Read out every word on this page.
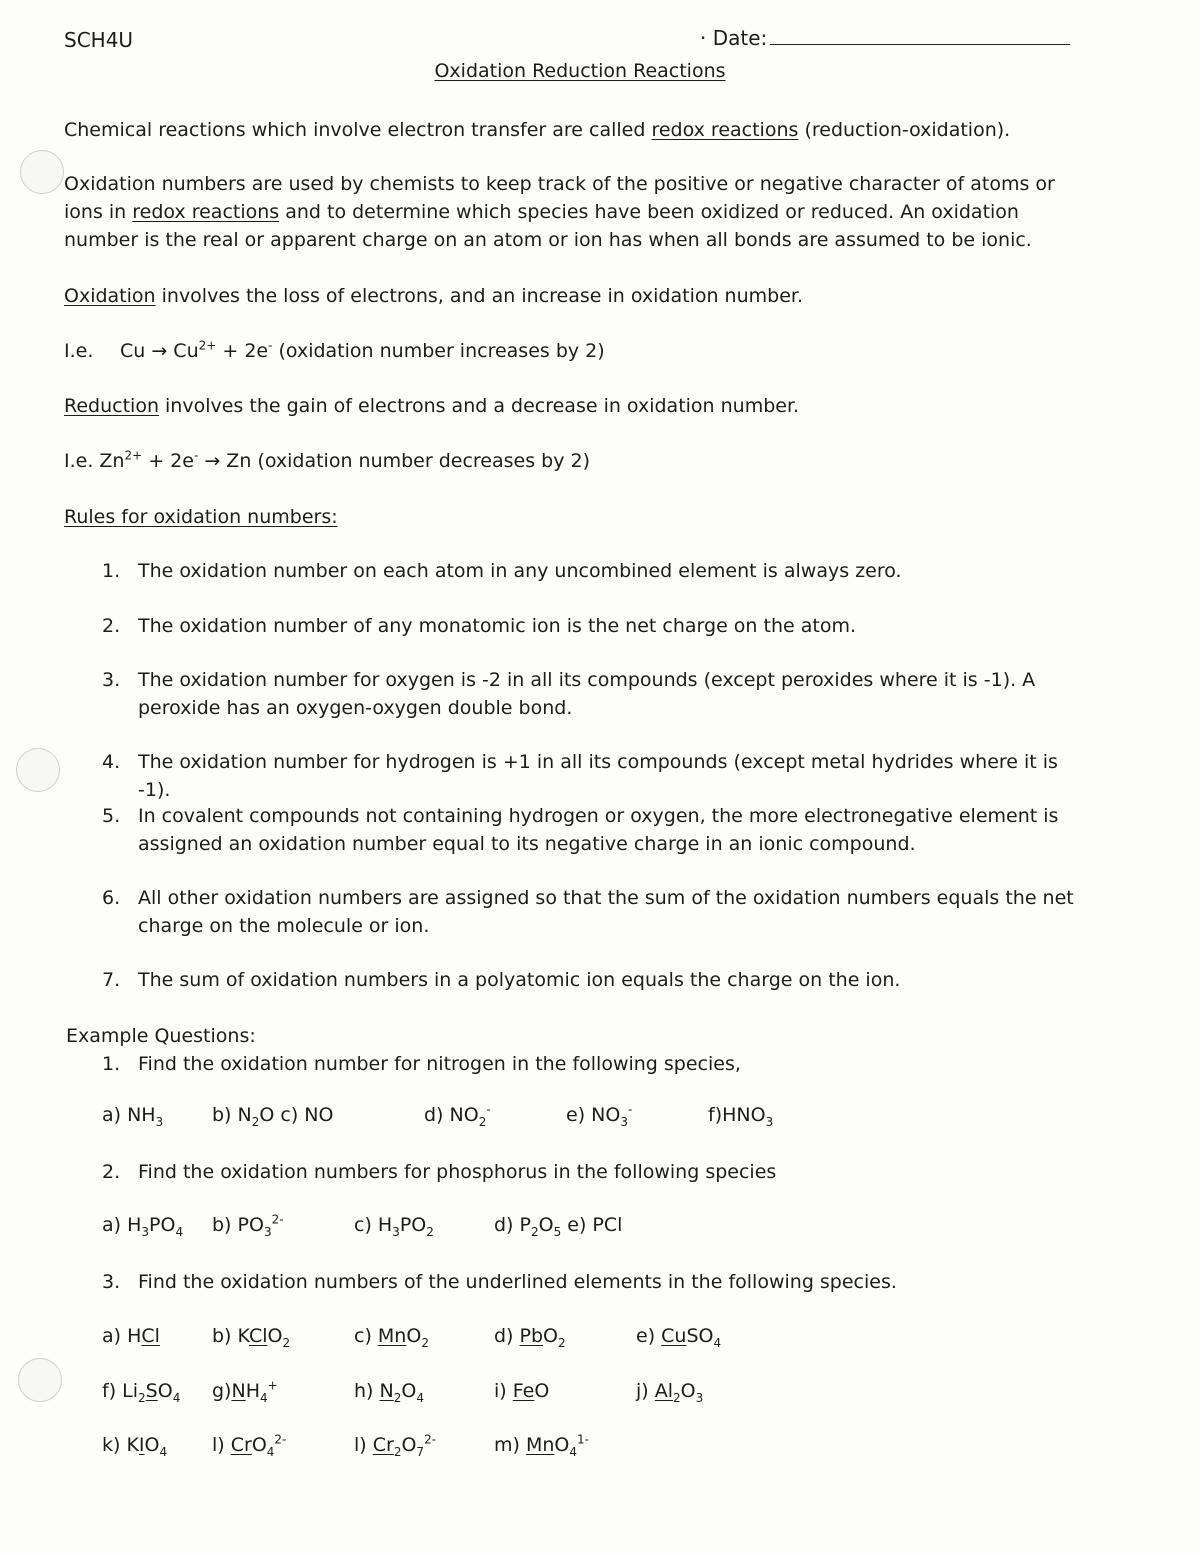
SCH4U	· Date:
Oxidation Reduction Reactions
Chemical reactions which involve electron transfer are called redox reactions (reduction-oxidation).
Oxidation numbers are used by chemists to keep track of the positive or negative character of atoms or ions in redox reactions and to determine which species have been oxidized or reduced. An oxidation number is the real or apparent charge on an atom or ion has when all bonds are assumed to be ionic.
Oxidation involves the loss of electrons, and an increase in oxidation number.
I.e. $Cu \to Cu^{2+} + 2e^-$ (oxidation number increases by 2)
Reduction involves the gain of electrons and a decrease in oxidation number.
I.e. $Zn^{2+} + 2e^- \to Zn$ (oxidation number decreases by 2)
Rules for oxidation numbers:
1. The oxidation number on each atom in any uncombined element is always zero.
2. The oxidation number of any monatomic ion is the net charge on the atom.
3. The oxidation number for oxygen is -2 in all its compounds (except peroxides where it is -1). A peroxide has an oxygen-oxygen double bond.
4. The oxidation number for hydrogen is +1 in all its compounds (except metal hydrides where it is -1).
5. In covalent compounds not containing hydrogen or oxygen, the more electronegative element is assigned an oxidation number equal to its negative charge in an ionic compound.
6. All other oxidation numbers are assigned so that the sum of the oxidation numbers equals the net charge on the molecule or ion.
7. The sum of oxidation numbers in a polyatomic ion equals the charge on the ion.
Example Questions:
1. Find the oxidation number for nitrogen in the following species,
a) $NH_3$	b) $N_2O$ c) NO	d) $NO_2^-$	e) $NO_3^-$	$f)HNO_3$
2. Find the oxidation numbers for phosphorus in the following species
a) $H_3PO_4$ b) $PO_3^{2-}$	c) $H_3PO_2$	d) $P_2O_5$ e) PCl
3. Find the oxidation numbers of the underlined elements in the following species.
a) HCl	b) KClO$_2$	c) MnO$_2$	d) PbO$_2$	e) CuSO$_4$
f) $Li_2SO_4$ $g)NH_4^+$	h) $N_2O_4$	i) FeO	j) $Al_2O_3$
k) $KIO_4$ l) CrO$_4^{2-}$	l) $Cr_2O_7^{2-}$	m) MnO$_4^{1-}$
